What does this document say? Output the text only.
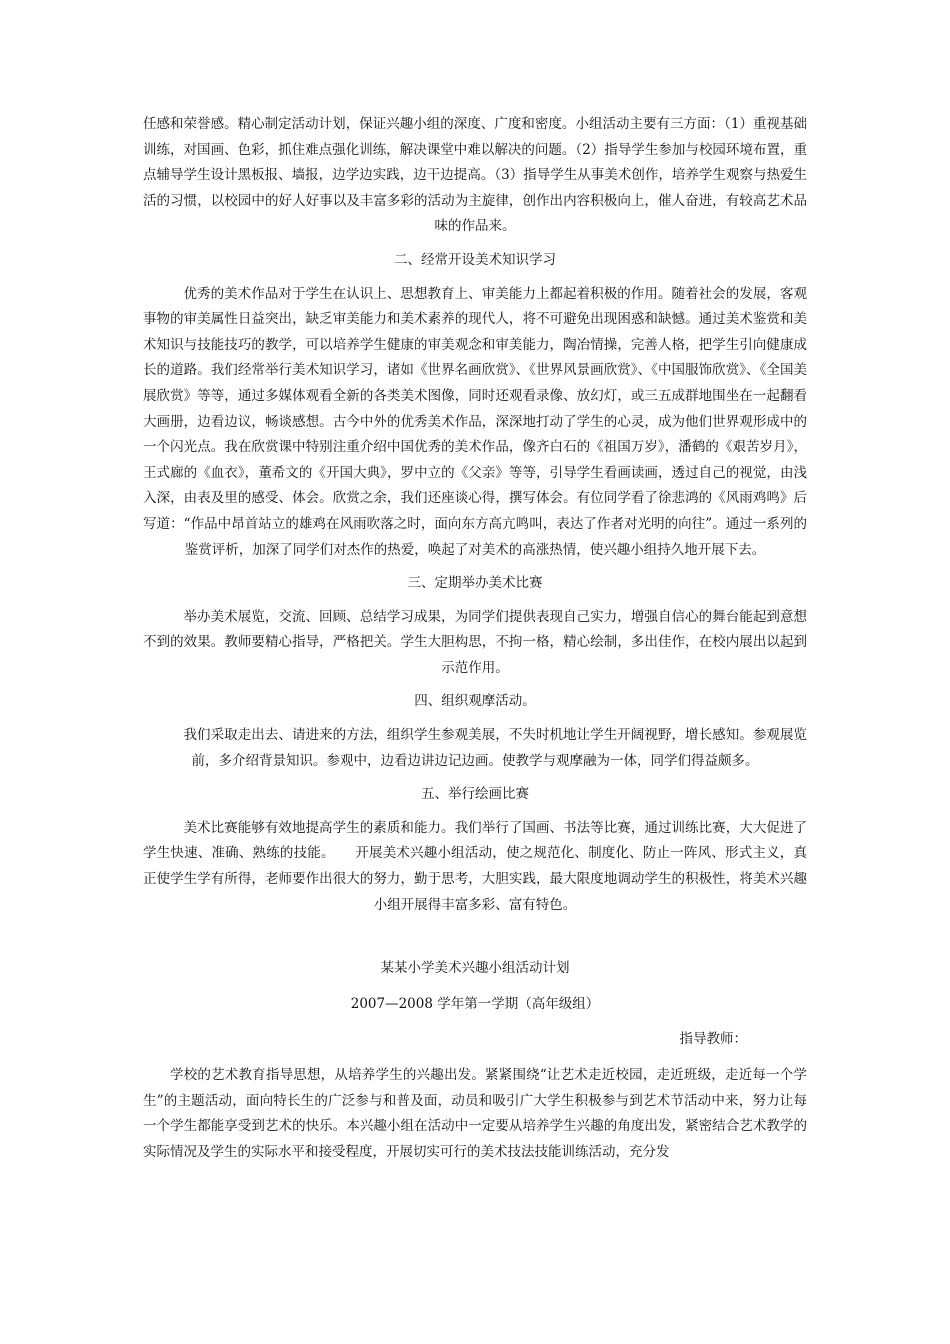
任感和荣誉感。精心制定活动计划，保证兴趣小组的深度、广度和密度。小组活动主要有三方面：（1）重视基础训练，对国画、色彩，抓住难点强化训练，解决课堂中难以解决的问题。（2）指导学生参加与校园环境布置，重点辅导学生设计黑板报、墙报，边学边实践，边干边提高。（3）指导学生从事美术创作，培养学生观察与热爱生活的习惯，以校园中的好人好事以及丰富多彩的活动为主旋律，创作出内容积极向上，催人奋进，有较高艺术品味的作品来。

二、经常开设美术知识学习

优秀的美术作品对于学生在认识上、思想教育上、审美能力上都起着积极的作用。随着社会的发展，客观事物的审美属性日益突出，缺乏审美能力和美术素养的现代人，将不可避免出现困惑和缺憾。通过美术鉴赏和美术知识与技能技巧的教学，可以培养学生健康的审美观念和审美能力，陶冶情操，完善人格，把学生引向健康成长的道路。我们经常举行美术知识学习，诸如《世界名画欣赏》、《世界风景画欣赏》、《中国服饰欣赏》、《全国美展欣赏》等等，通过多媒体观看全新的各类美术图像，同时还观看录像、放幻灯，或三五成群地围坐在一起翻看大画册，边看边议，畅谈感想。古今中外的优秀美术作品，深深地打动了学生的心灵，成为他们世界观形成中的一个闪光点。我在欣赏课中特别注重介绍中国优秀的美术作品，像齐白石的《祖国万岁》，潘鹤的《艰苦岁月》，王式廊的《血衣》，董希文的《开国大典》，罗中立的《父亲》等等，引导学生看画读画，透过自己的视觉，由浅入深，由表及里的感受、体会。欣赏之余，我们还座谈心得，撰写体会。有位同学看了徐悲鸿的《风雨鸡鸣》后写道：“作品中昂首站立的雄鸡在风雨吹落之时，面向东方高亢鸣叫，表达了作者对光明的向往”。通过一系列的鉴赏评析，加深了同学们对杰作的热爱，唤起了对美术的高涨热情，使兴趣小组持久地开展下去。

三、定期举办美术比赛

举办美术展览，交流、回顾、总结学习成果，为同学们提供表现自己实力，增强自信心的舞台能起到意想不到的效果。教师要精心指导，严格把关。学生大胆构思，不拘一格，精心绘制，多出佳作，在校内展出以起到示范作用。

四、组织观摩活动。

我们采取走出去、请进来的方法，组织学生参观美展，不失时机地让学生开阔视野，增长感知。参观展览前，多介绍背景知识。参观中，边看边讲边记边画。使教学与观摩融为一体，同学们得益颇多。

五、举行绘画比赛

美术比赛能够有效地提高学生的素质和能力。我们举行了国画、书法等比赛，通过训练比赛，大大促进了学生快速、准确、熟练的技能。　　开展美术兴趣小组活动，使之规范化、制度化、防止一阵风、形式主义，真正使学生学有所得，老师要作出很大的努力，勤于思考，大胆实践，最大限度地调动学生的积极性，将美术兴趣小组开展得丰富多彩、富有特色。

某某小学美术兴趣小组活动计划

2007—2008 学年第一学期（高年级组）

指导教师：

学校的艺术教育指导思想，从培养学生的兴趣出发。紧紧围绕“让艺术走近校园，走近班级，走近每一个学生”的主题活动，面向特长生的广泛参与和普及面，动员和吸引广大学生积极参与到艺术节活动中来，努力让每一个学生都能享受到艺术的快乐。本兴趣小组在活动中一定要从培养学生兴趣的角度出发，紧密结合艺术教学的实际情况及学生的实际水平和接受程度，开展切实可行的美术技法技能训练活动，充分发
